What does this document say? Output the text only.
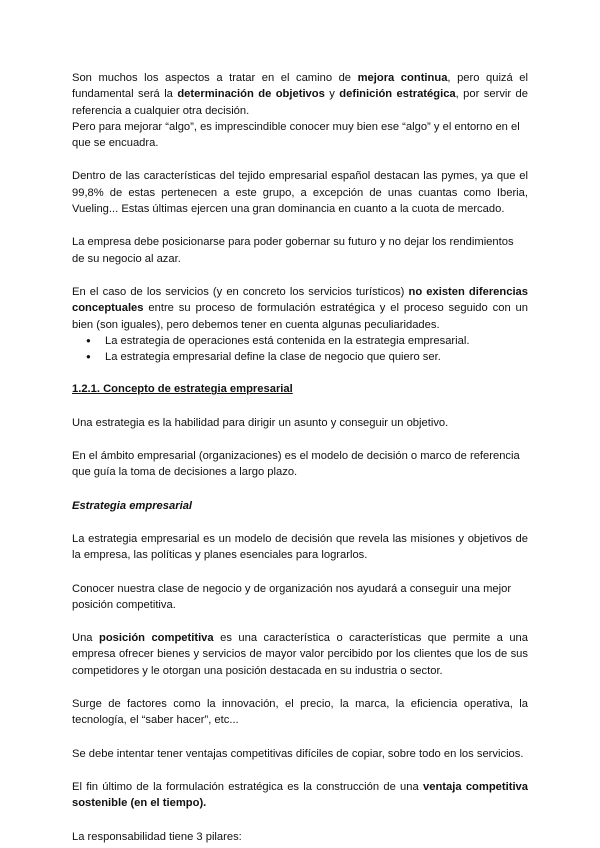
Son muchos los aspectos a tratar en el camino de mejora continua, pero quizá el fundamental será la determinación de objetivos y definición estratégica, por servir de referencia a cualquier otra decisión.

Pero para mejorar “algo”, es imprescindible conocer muy bien ese “algo” y el entorno en el que se encuadra.

Dentro de las características del tejido empresarial español destacan las pymes, ya que el 99,8% de estas pertenecen a este grupo, a excepción de unas cuantas como Iberia, Vueling... Estas últimas ejercen una gran dominancia en cuanto a la cuota de mercado.

La empresa debe posicionarse para poder gobernar su futuro y no dejar los rendimientos de su negocio al azar.

En el caso de los servicios (y en concreto los servicios turísticos) no existen diferencias conceptuales entre su proceso de formulación estratégica y el proceso seguido con un bien (son iguales), pero debemos tener en cuenta algunas peculiaridades.

● La estrategia de operaciones está contenida en la estrategia empresarial.
● La estrategia empresarial define la clase de negocio que quiero ser.

1.2.1. Concepto de estrategia empresarial

Una estrategia es la habilidad para dirigir un asunto y conseguir un objetivo.

En el ámbito empresarial (organizaciones) es el modelo de decisión o marco de referencia que guía la toma de decisiones a largo plazo.

Estrategia empresarial

La estrategia empresarial es un modelo de decisión que revela las misiones y objetivos de la empresa, las políticas y planes esenciales para lograrlos.

Conocer nuestra clase de negocio y de organización nos ayudará a conseguir una mejor posición competitiva.

Una posición competitiva es una característica o características que permite a una empresa ofrecer bienes y servicios de mayor valor percibido por los clientes que los de sus competidores y le otorgan una posición destacada en su industria o sector.

Surge de factores como la innovación, el precio, la marca, la eficiencia operativa, la tecnología, el “saber hacer”, etc...

Se debe intentar tener ventajas competitivas difíciles de copiar, sobre todo en los servicios.

El fin último de la formulación estratégica es la construcción de una ventaja competitiva sostenible (en el tiempo).

La responsabilidad tiene 3 pilares:
